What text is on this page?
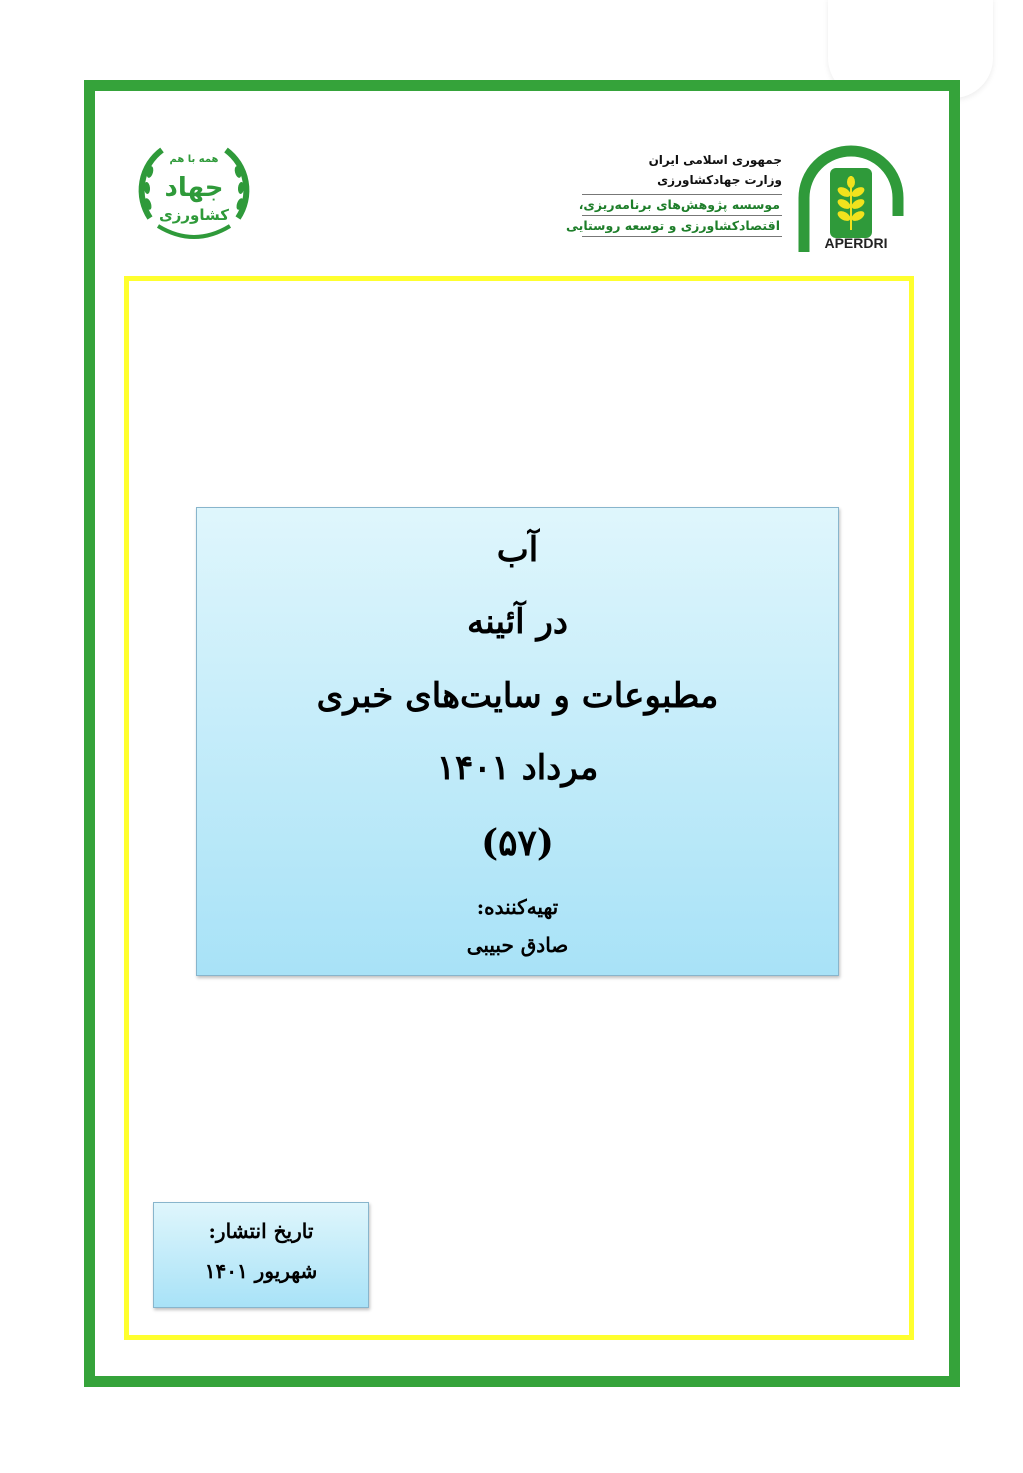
همه با هم
جهاد
کشاورزی
APERDRI
جمهوری اسلامی ایران
وزارت جهادکشاورزی
موسسه پژوهش‌های برنامه‌ریزی،
اقتصادکشاورزی و توسعه روستایی
آب
در آئینه
مطبوعات و سایت‌های خبری
مرداد ۱۴۰۱
(۵۷)
تهیه‌کننده:
صادق حبیبی
تاریخ انتشار:
شهریور ۱۴۰۱
